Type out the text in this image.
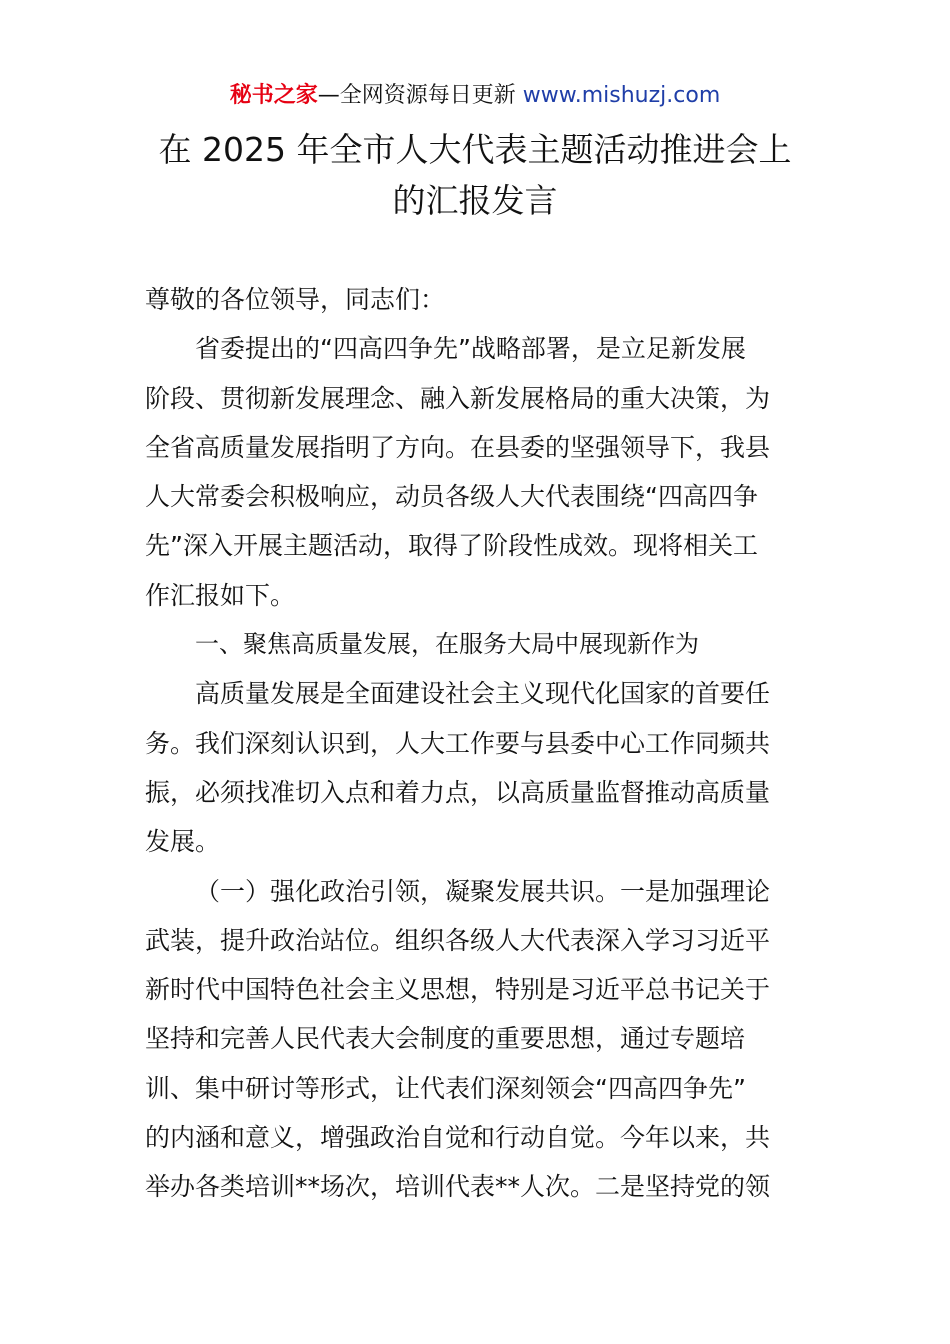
秘书之家—全网资源每日更新 www.mishuzj.com
在 2025 年全市人大代表主题活动推进会上
的汇报发言

尊敬的各位领导，同志们：

省委提出的“四高四争先”战略部署，是立足新发展
阶段、贯彻新发展理念、融入新发展格局的重大决策，为
全省高质量发展指明了方向。在县委的坚强领导下，我县
人大常委会积极响应，动员各级人大代表围绕“四高四争
先”深入开展主题活动，取得了阶段性成效。现将相关工
作汇报如下。

一、聚焦高质量发展，在服务大局中展现新作为

高质量发展是全面建设社会主义现代化国家的首要任
务。我们深刻认识到，人大工作要与县委中心工作同频共
振，必须找准切入点和着力点，以高质量监督推动高质量
发展。

（一）强化政治引领，凝聚发展共识。一是加强理论
武装，提升政治站位。组织各级人大代表深入学习习近平
新时代中国特色社会主义思想，特别是习近平总书记关于
坚持和完善人民代表大会制度的重要思想，通过专题培
训、集中研讨等形式，让代表们深刻领会“四高四争先”
的内涵和意义，增强政治自觉和行动自觉。今年以来，共
举办各类培训**场次，培训代表**人次。二是坚持党的领
